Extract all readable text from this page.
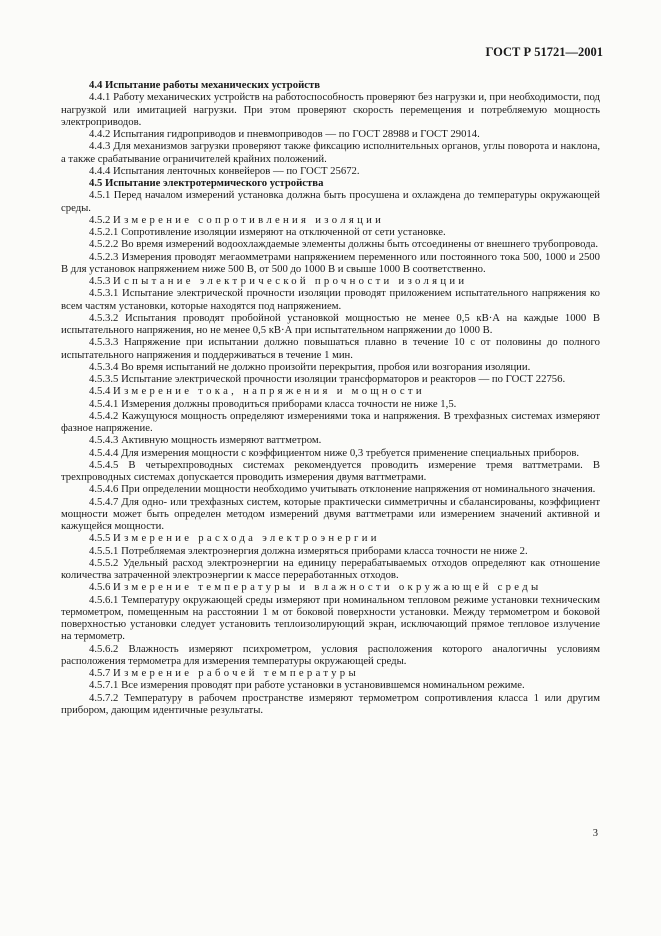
ГОСТ Р 51721—2001

4.4 Испытание работы механических устройств

4.4.1 Работу механических устройств на работоспособность проверяют без нагрузки и, при необходимости, под нагрузкой или имитацией нагрузки. При этом проверяют скорость перемещения и потребляемую мощность электроприводов.

4.4.2 Испытания гидроприводов и пневмоприводов — по ГОСТ 28988 и ГОСТ 29014.

4.4.3 Для механизмов загрузки проверяют также фиксацию исполнительных органов, углы поворота и наклона, а также срабатывание ограничителей крайних положений.

4.4.4 Испытания ленточных конвейеров — по ГОСТ 25672.

4.5 Испытание электротермического устройства

4.5.1 Перед началом измерений установка должна быть просушена и охлаждена до температуры окружающей среды.

4.5.2 Измерение сопротивления изоляции

4.5.2.1 Сопротивление изоляции измеряют на отключенной от сети установке.

4.5.2.2 Во время измерений водоохлаждаемые элементы должны быть отсоединены от внешнего трубопровода.

4.5.2.3 Измерения проводят мегаомметрами напряжением переменного или постоянного тока 500, 1000 и 2500 В для установок напряжением ниже 500 В, от 500 до 1000 В и свыше 1000 В соответственно.

4.5.3 Испытание электрической прочности изоляции

4.5.3.1 Испытание электрической прочности изоляции проводят приложением испытательного напряжения ко всем частям установки, которые находятся под напряжением.

4.5.3.2 Испытания проводят пробойной установкой мощностью не менее 0,5 кВ·А на каждые 1000 В испытательного напряжения, но не менее 0,5 кВ·А при испытательном напряжении до 1000 В.

4.5.3.3 Напряжение при испытании должно повышаться плавно в течение 10 с от половины до полного испытательного напряжения и поддерживаться в течение 1 мин.

4.5.3.4 Во время испытаний не должно произойти перекрытия, пробоя или возгорания изоляции.

4.5.3.5 Испытание электрической прочности изоляции трансформаторов и реакторов — по ГОСТ 22756.

4.5.4 Измерение тока, напряжения и мощности

4.5.4.1 Измерения должны проводиться приборами класса точности не ниже 1,5.

4.5.4.2 Кажущуюся мощность определяют измерениями тока и напряжения. В трехфазных системах измеряют фазное напряжение.

4.5.4.3 Активную мощность измеряют ваттметром.

4.5.4.4 Для измерения мощности с коэффициентом ниже 0,3 требуется применение специальных приборов.

4.5.4.5 В четырехпроводных системах рекомендуется проводить измерение тремя ваттметрами. В трехпроводных системах допускается проводить измерения двумя ваттметрами.

4.5.4.6 При определении мощности необходимо учитывать отклонение напряжения от номинального значения.

4.5.4.7 Для одно- или трехфазных систем, которые практически симметричны и сбалансированы, коэффициент мощности может быть определен методом измерений двумя ваттметрами или измерением значений активной и кажущейся мощности.

4.5.5 Измерение расхода электроэнергии

4.5.5.1 Потребляемая электроэнергия должна измеряться приборами класса точности не ниже 2.

4.5.5.2 Удельный расход электроэнергии на единицу перерабатываемых отходов определяют как отношение количества затраченной электроэнергии к массе переработанных отходов.

4.5.6 Измерение температуры и влажности окружающей среды

4.5.6.1 Температуру окружающей среды измеряют при номинальном тепловом режиме установки техническим термометром, помещенным на расстоянии 1 м от боковой поверхности установки. Между термометром и боковой поверхностью установки следует установить теплоизолирующий экран, исключающий прямое тепловое излучение на термометр.

4.5.6.2 Влажность измеряют психрометром, условия расположения которого аналогичны условиям расположения термометра для измерения температуры окружающей среды.

4.5.7 Измерение рабочей температуры

4.5.7.1 Все измерения проводят при работе установки в установившемся номинальном режиме.

4.5.7.2 Температуру в рабочем пространстве измеряют термометром сопротивления класса 1 или другим прибором, дающим идентичные результаты.

3
